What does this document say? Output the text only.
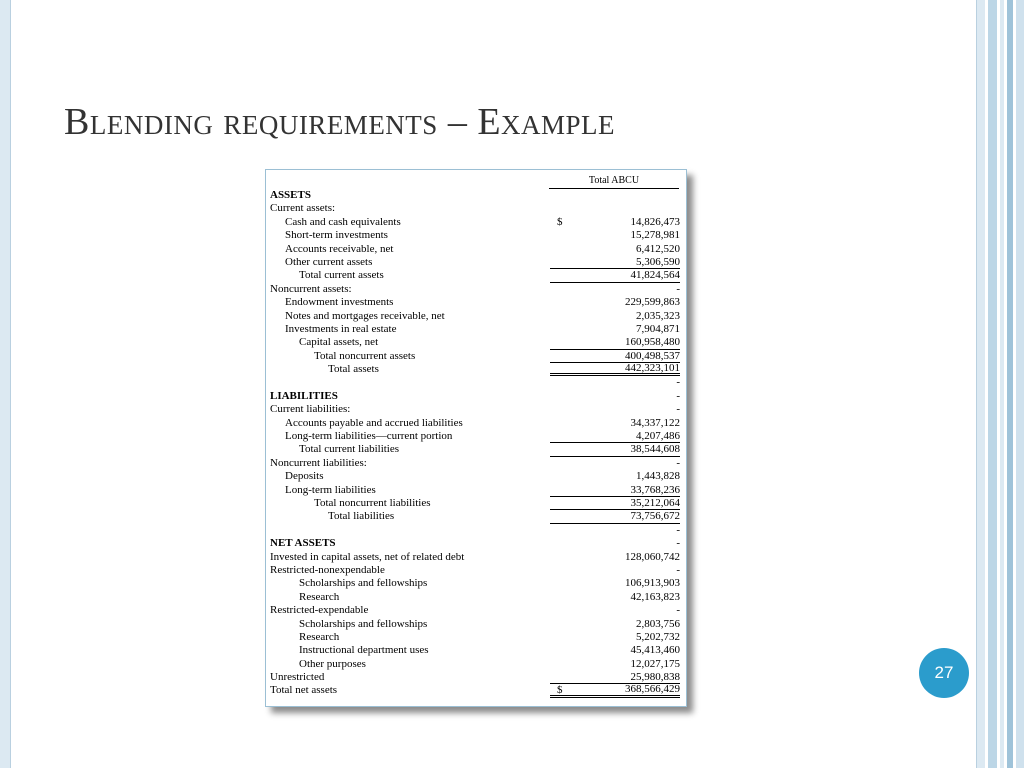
Blending requirements – Example
Total ABCU
ASSETS
Current assets:
Cash and cash equivalents	$	14,826,473
Short-term investments	15,278,981
Accounts receivable, net	6,412,520
Other current assets	5,306,590
Total current assets	41,824,564
Noncurrent assets:	-
Endowment investments	229,599,863
Notes and mortgages receivable, net	2,035,323
Investments in real estate	7,904,871
Capital assets, net	160,958,480
Total noncurrent assets	400,498,537
Total assets	442,323,101
-
LIABILITIES	-
Current liabilities:	-
Accounts payable and accrued liabilities	34,337,122
Long-term liabilities—current portion	4,207,486
Total current liabilities	38,544,608
Noncurrent liabilities:	-
Deposits	1,443,828
Long-term liabilities	33,768,236
Total noncurrent liabilities	35,212,064
Total liabilities	73,756,672
-
NET ASSETS	-
Invested in capital assets, net of related debt	128,060,742
Restricted-nonexpendable	-
Scholarships and fellowships	106,913,903
Research	42,163,823
Restricted-expendable	-
Scholarships and fellowships	2,803,756
Research	5,202,732
Instructional department uses	45,413,460
Other purposes	12,027,175
Unrestricted	25,980,838
Total net assets	$	368,566,429
27
